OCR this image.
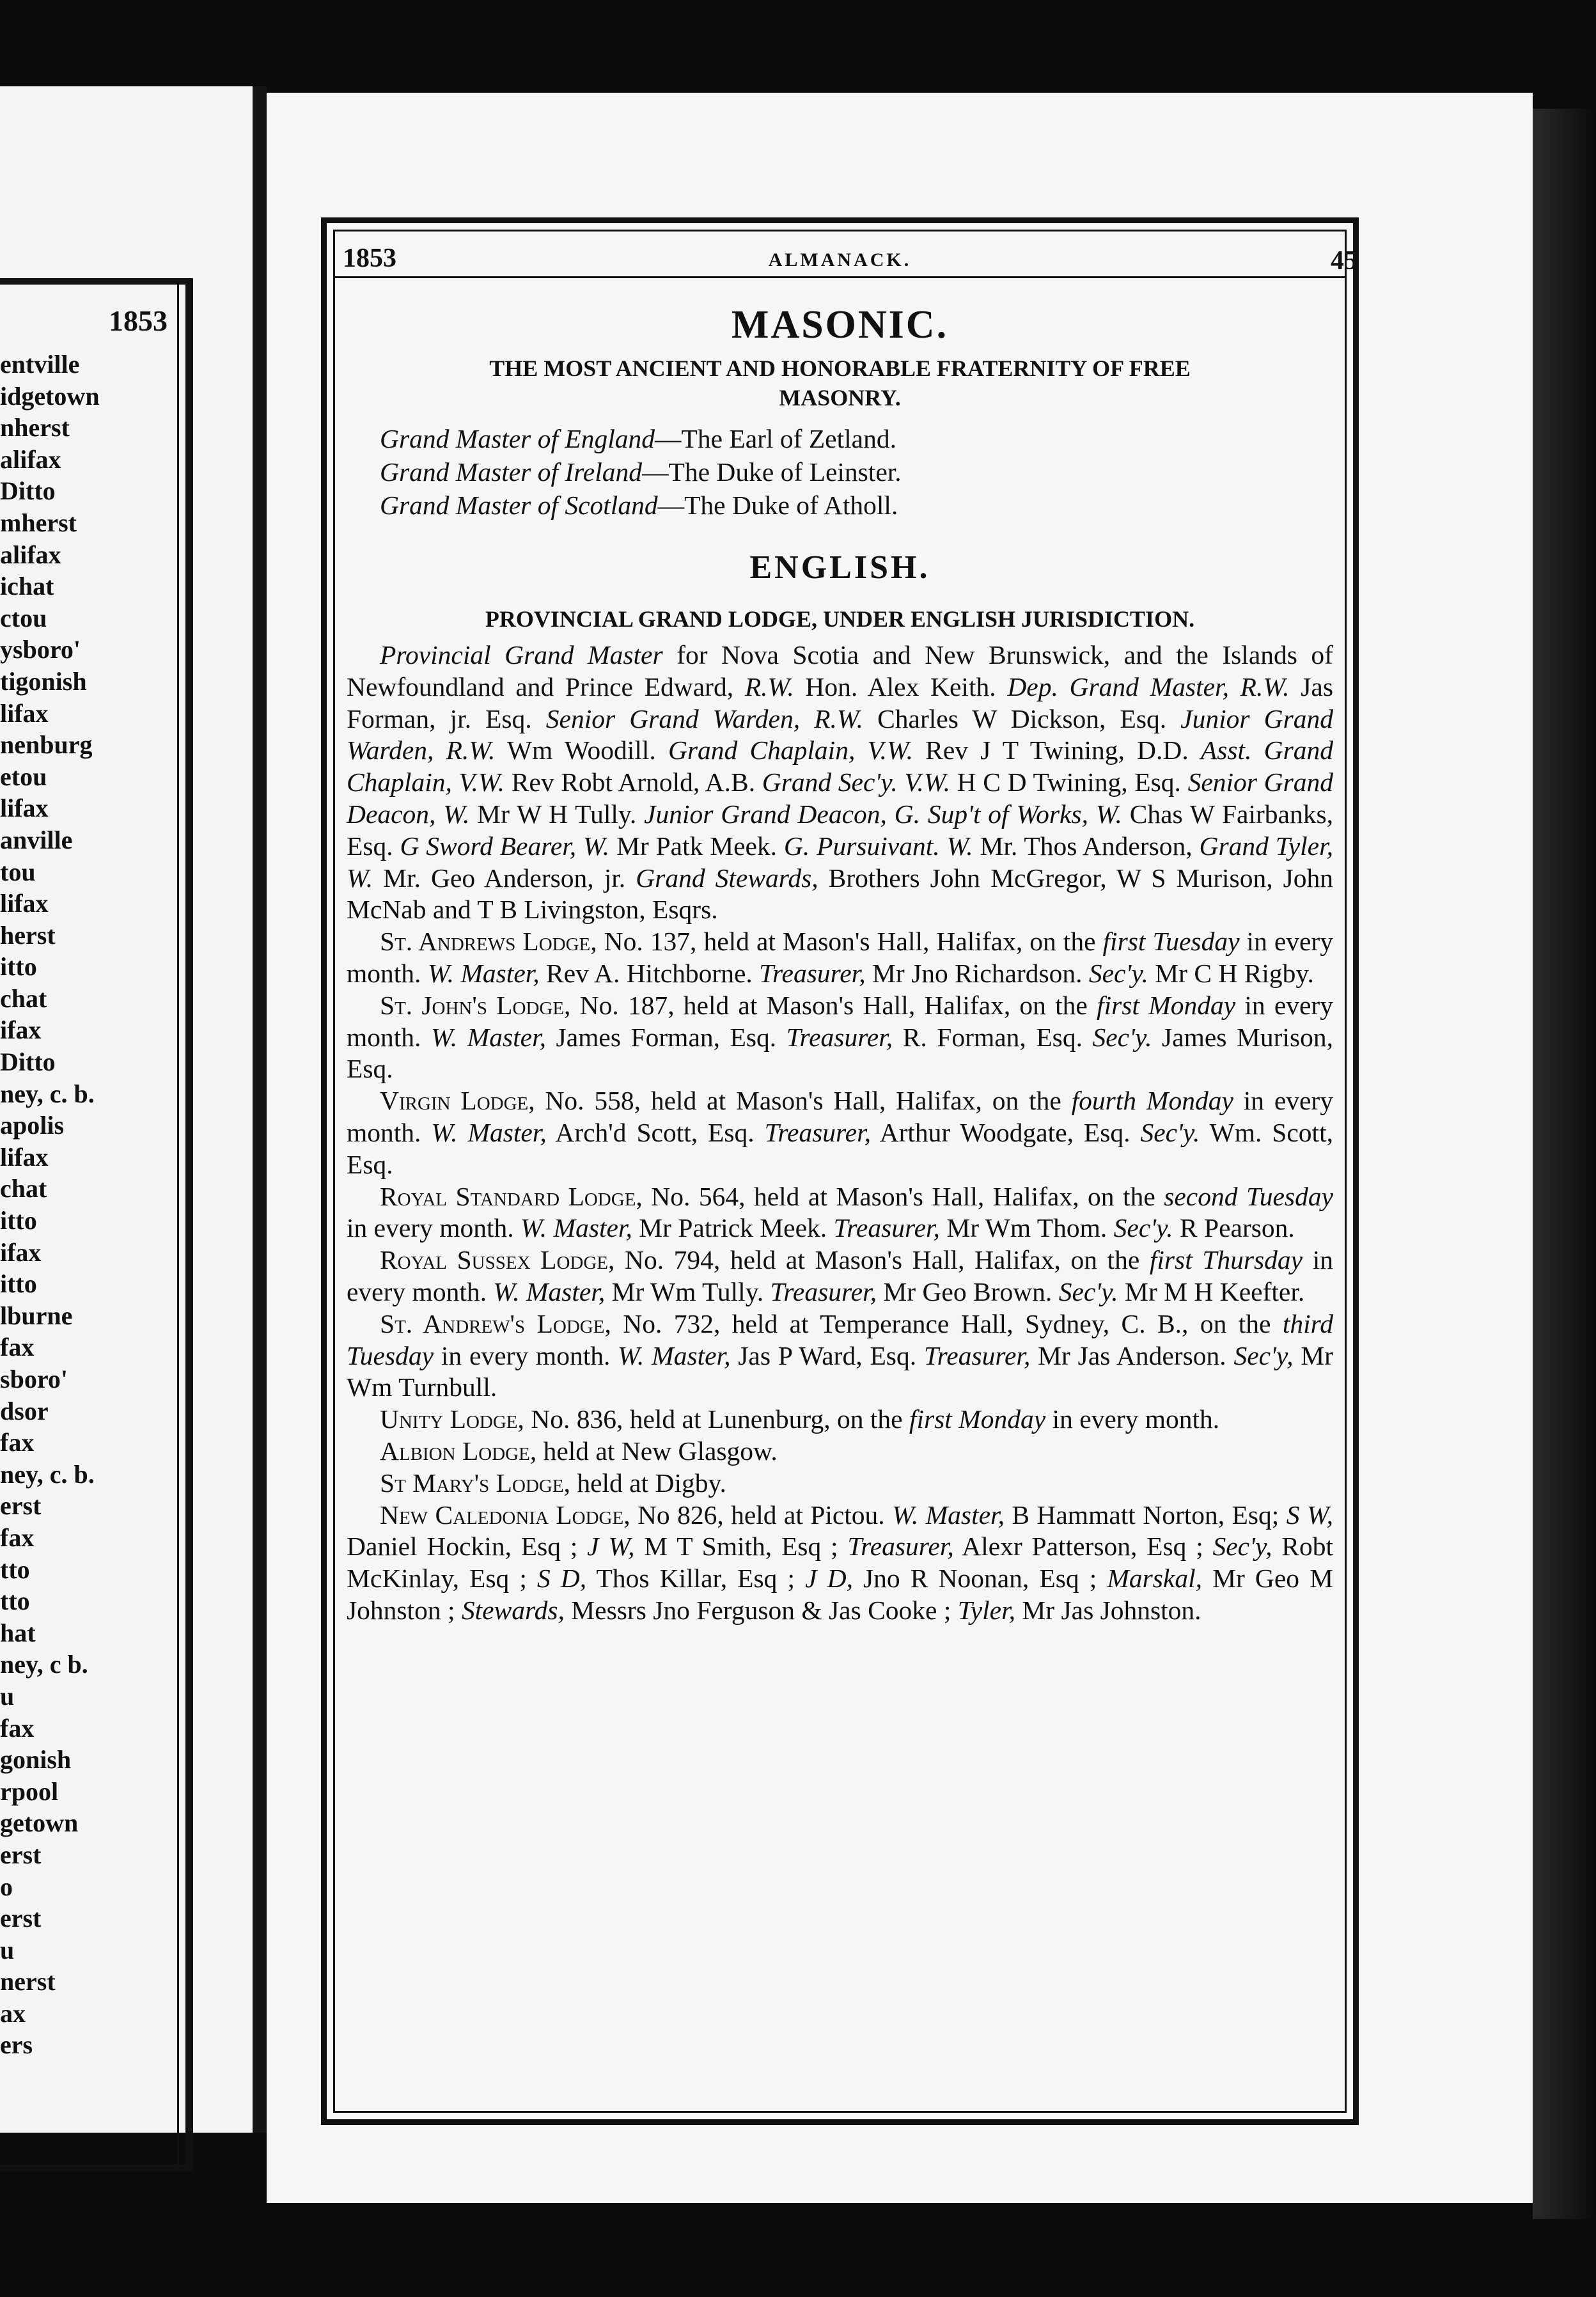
1853
entville
idgetown
nherst
alifax
Ditto
mherst
alifax
ichat
ctou
ysboro'
tigonish
lifax
nenburg
etou
lifax
anville
tou
lifax
herst
itto
chat
ifax
Ditto
ney, c. b.
apolis
lifax
chat
itto
ifax
itto
lburne
fax
sboro'
dsor
fax
ney, c. b.
erst
fax
tto
tto
hat
ney, c b.
u
fax
gonish
rpool
getown
erst
o
erst
u
nerst
ax
ers
1853	ALMANACK.	45

MASONIC.

THE MOST ANCIENT AND HONORABLE FRATERNITY OF FREE

MASONRY.

Grand Master of England—The Earl of Zetland.

Grand Master of Ireland—The Duke of Leinster.

Grand Master of Scotland—The Duke of Atholl.

ENGLISH.

PROVINCIAL GRAND LODGE, UNDER ENGLISH JURISDICTION.

Provincial Grand Master for Nova Scotia and New Brunswick, and the Islands of Newfoundland and Prince Edward, R.W. Hon. Alex Keith. Dep. Grand Master, R.W. Jas Forman, jr. Esq. Senior Grand Warden, R.W. Charles W Dickson, Esq. Junior Grand Warden, R.W. Wm Woodill. Grand Chaplain, V.W. Rev J T Twining, D.D. Asst. Grand Chaplain, V.W. Rev Robt Arnold, A.B. Grand Sec'y. V.W. H C D Twining, Esq. Senior Grand Deacon, W. Mr W H Tully. Junior Grand Deacon, G. Sup't of Works, W. Chas W Fairbanks, Esq. G Sword Bearer, W. Mr Patk Meek. G. Pursuivant. W. Mr. Thos Anderson, Grand Tyler, W. Mr. Geo Anderson, jr. Grand Stewards, Brothers John McGregor, W S Murison, John McNab and T B Livingston, Esqrs.

St. Andrews Lodge, No. 137, held at Mason's Hall, Halifax, on the first Tuesday in every month. W. Master, Rev A. Hitchborne. Treasurer, Mr Jno Richardson. Sec'y. Mr C H Rigby.

St. John's Lodge, No. 187, held at Mason's Hall, Halifax, on the first Monday in every month. W. Master, James Forman, Esq. Treasurer, R. Forman, Esq. Sec'y. James Murison, Esq.

Virgin Lodge, No. 558, held at Mason's Hall, Halifax, on the fourth Monday in every month. W. Master, Arch'd Scott, Esq. Treasurer, Arthur Woodgate, Esq. Sec'y. Wm. Scott, Esq.

Royal Standard Lodge, No. 564, held at Mason's Hall, Halifax, on the second Tuesday in every month. W. Master, Mr Patrick Meek. Treasurer, Mr Wm Thom. Sec'y. R Pearson.

Royal Sussex Lodge, No. 794, held at Mason's Hall, Halifax, on the first Thursday in every month. W. Master, Mr Wm Tully. Treasurer, Mr Geo Brown. Sec'y. Mr M H Keefter.

St. Andrew's Lodge, No. 732, held at Temperance Hall, Sydney, C. B., on the third Tuesday in every month. W. Master, Jas P Ward, Esq. Treasurer, Mr Jas Anderson. Sec'y, Mr Wm Turnbull.

Unity Lodge, No. 836, held at Lunenburg, on the first Monday in every month.

Albion Lodge, held at New Glasgow.

St Mary's Lodge, held at Digby.

New Caledonia Lodge, No 826, held at Pictou. W. Master, B Hammatt Norton, Esq; S W, Daniel Hockin, Esq ; J W, M T Smith, Esq ; Treasurer, Alexr Patterson, Esq ; Sec'y, Robt McKinlay, Esq ; S D, Thos Killar, Esq ; J D, Jno R Noonan, Esq ; Marskal, Mr Geo M Johnston ; Stewards, Messrs Jno Ferguson & Jas Cooke ; Tyler, Mr Jas Johnston.
